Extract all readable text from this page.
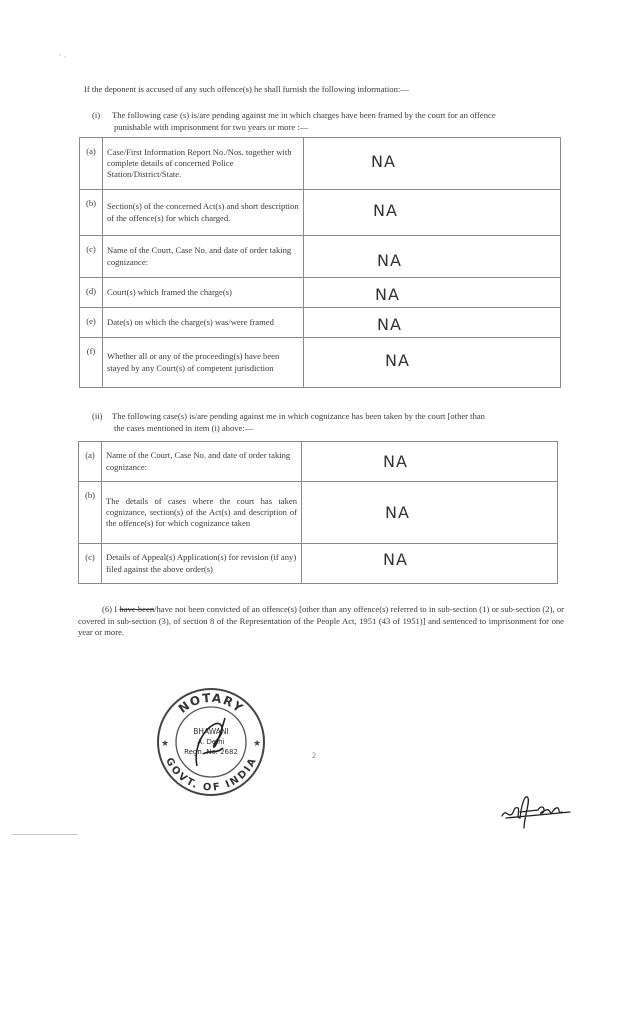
If the deponent is accused of any such offence(s) he shall furnish the following information:—
(i) The following case (s) is/are pending against me in which charges have been framed by the court for an offence
punishable with imprisonment for two years or more :—
(a)	Case/First Information Report No./Nos. together with complete details of concerned Police Station/District/State.	NA
(b)	Section(s) of the concerned Act(s) and short description of the offence(s) for which charged.	NA
(c)	Name of the Court, Case No. and date of order taking cognizance:	NA
(d)	Court(s) which framed the charge(s)	NA
(e)	Date(s) on which the charge(s) was/were framed	NA
(f)	Whether all or any of the proceeding(s) have been stayed by any Court(s) of competent jurisdiction	NA
(ii) The following case(s) is/are pending against me in which cognizance has been taken by the court [other than
the cases mentioned in item (i) above:—
(a)	Name of the Court, Case No. and date of order taking cognizance:	NA
(b)	The details of cases where the court has taken cognizance, section(s) of the Act(s) and description of the offence(s) for which cognizance taken	NA
(c)	Details of Appeal(s) Application(s) for revision (if any) filed against the above order(s)	NA
(6) I have been/have not been convicted of an offence(s) [other than any offence(s) referred to in sub-section (1) or sub-section (2), or covered in sub-section (3), of section 8 of the Representation of the People Act, 1951 (43 of 1951)] and sentenced to imprisonment for one year or more.
2
NOTARY
GOVT. OF INDIA
★	★
BHAWANI
A. Delhi
Regn. No. 2682
